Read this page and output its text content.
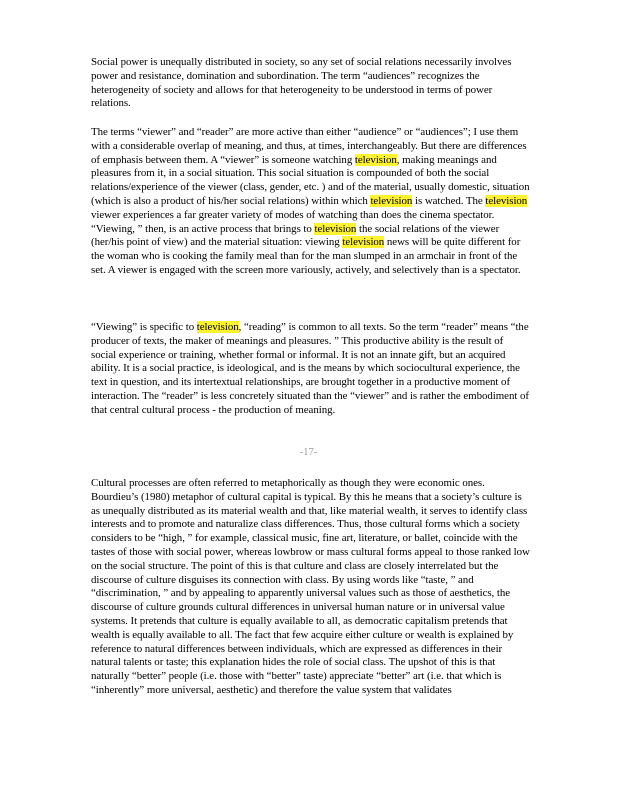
Social power is unequally distributed in society, so any set of social relations necessarily involves power and resistance, domination and subordination. The term “audiences” recognizes the heterogeneity of society and allows for that heterogeneity to be understood in terms of power relations.

The terms “viewer” and “reader” are more active than either “audience” or “audiences”; I use them with a considerable overlap of meaning, and thus, at times, interchangeably. But there are differences of emphasis between them. A “viewer” is someone watching television, making meanings and pleasures from it, in a social situation. This social situation is compounded of both the social relations/experience of the viewer (class, gender, etc. ) and of the material, usually domestic, situation (which is also a product of his/her social relations) within which television is watched. The television viewer experiences a far greater variety of modes of watching than does the cinema spectator. “Viewing, ” then, is an active process that brings to television the social relations of the viewer (her/his point of view) and the material situation: viewing television news will be quite different for the woman who is cooking the family meal than for the man slumped in an armchair in front of the set. A viewer is engaged with the screen more variously, actively, and selectively than is a spectator.

“Viewing” is specific to television, “reading” is common to all texts. So the term “reader” means “the producer of texts, the maker of meanings and pleasures. ” This productive ability is the result of social experience or training, whether formal or informal. It is not an innate gift, but an acquired ability. It is a social practice, is ideological, and is the means by which sociocultural experience, the text in question, and its intertextual relationships, are brought together in a productive moment of interaction. The “reader” is less concretely situated than the “viewer” and is rather the embodiment of that central cultural process - the production of meaning.

-17-

Cultural processes are often referred to metaphorically as though they were economic ones. Bourdieu’s (1980) metaphor of cultural capital is typical. By this he means that a society’s culture is as unequally distributed as its material wealth and that, like material wealth, it serves to identify class interests and to promote and naturalize class differences. Thus, those cultural forms which a society considers to be “high, ” for example, classical music, fine art, literature, or ballet, coincide with the tastes of those with social power, whereas lowbrow or mass cultural forms appeal to those ranked low on the social structure. The point of this is that culture and class are closely interrelated but the discourse of culture disguises its connection with class. By using words like “taste, ” and “discrimination, ” and by appealing to apparently universal values such as those of aesthetics, the discourse of culture grounds cultural differences in universal human nature or in universal value systems. It pretends that culture is equally available to all, as democratic capitalism pretends that wealth is equally available to all. The fact that few acquire either culture or wealth is explained by reference to natural differences between individuals, which are expressed as differences in their natural talents or taste; this explanation hides the role of social class. The upshot of this is that naturally “better” people (i.e. those with “better” taste) appreciate “better” art (i.e. that which is “inherently” more universal, aesthetic) and therefore the value system that validates
